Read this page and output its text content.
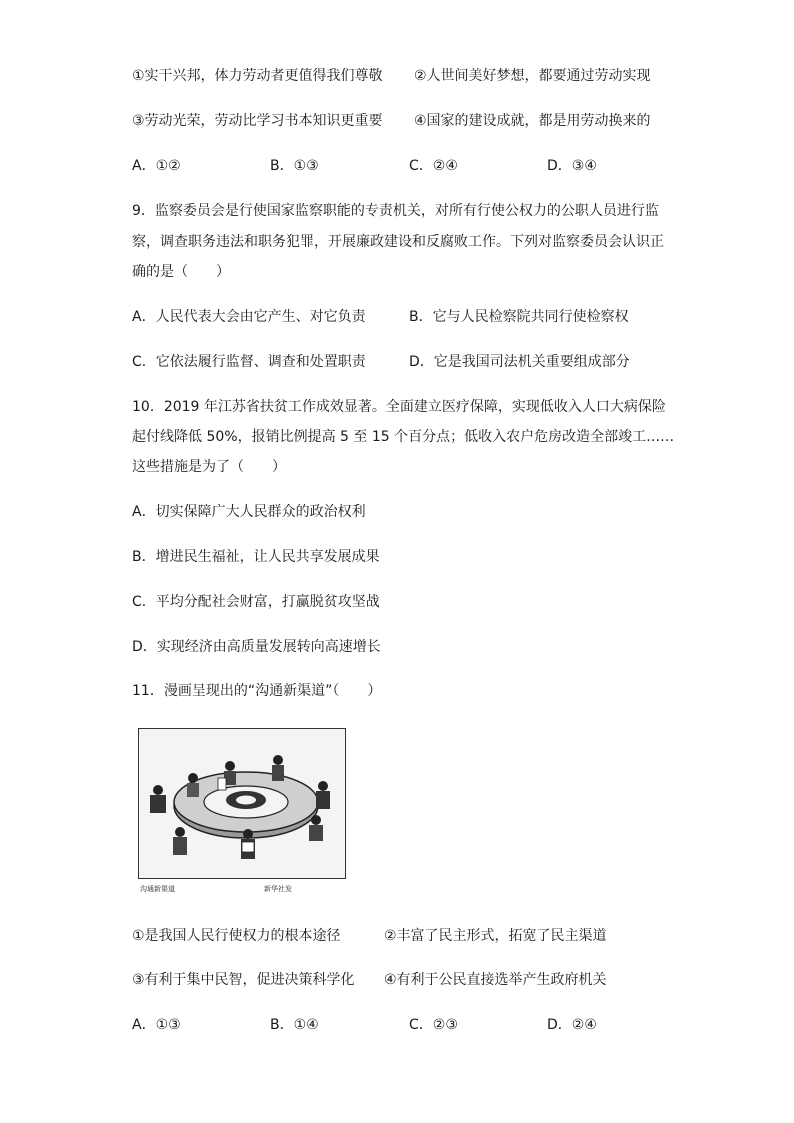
①实干兴邦，体力劳动者更值得我们尊敬 ②人世间美好梦想，都要通过劳动实现
③劳动光荣，劳动比学习书本知识更重要 ④国家的建设成就，都是用劳动换来的
A．①②	B．①③	C．②④	D．③④
9．监察委员会是行使国家监察职能的专责机关，对所有行使公权力的公职人员进行监
察，调查职务违法和职务犯罪，开展廉政建设和反腐败工作。下列对监察委员会认识正
确的是（　　）
A．人民代表大会由它产生、对它负责	B．它与人民检察院共同行使检察权
C．它依法履行监督、调查和处置职责	D．它是我国司法机关重要组成部分
10．2019 年江苏省扶贫工作成效显著。全面建立医疗保障，实现低收入人口大病保险
起付线降低 50%，报销比例提高 5 至 15 个百分点；低收入农户危房改造全部竣工……
这些措施是为了（　　）
A．切实保障广大人民群众的政治权利
B．增进民生福祉，让人民共享发展成果
C．平均分配社会财富，打赢脱贫攻坚战
D．实现经济由高质量发展转向高速增长
11．漫画呈现出的“沟通新渠道”（　　）
沟通新渠道	新华社发
①是我国人民行使权力的根本途径	②丰富了民主形式，拓宽了民主渠道
③有利于集中民智，促进决策科学化 ④有利于公民直接选举产生政府机关
A．①③	B．①④	C．②③	D．②④
